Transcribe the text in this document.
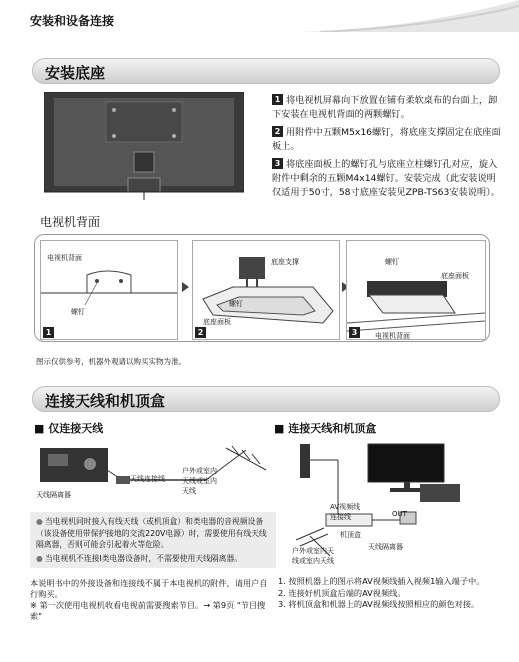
安装和设备连接
安装底座
电视机背面
1 将电视机屏幕向下放置在铺有柔软桌布的台面上，卸下安装在电视机背面的两颗螺钉。
2 用附件中五颗M5x16螺钉，将底座支撑固定在底座面板上。
3 将底座面板上的螺钉孔与底座立柱螺钉孔对应，旋入附件中剩余的五颗M4x14螺钉。安装完成（此安装说明仅适用于50寸，58寸底座安装见ZPB-TS63安装说明）。
电视机背面
螺钉
1
底座支撑
螺钉
底座面板
2
螺钉
底座面板
电视机背面
3
图示仅供参考，机器外观请以购买实物为准。
连接天线和机顶盒
■ 仅连接天线	■ 连接天线和机顶盒
天线隔离器
天线连接线
户外或室内天线或室内天线
AV视频线
连接线	OUT
机顶盒
天线隔离器
户外或室内天线或室内天线

● 当电视机同时接入有线天线（或机顶盒）和类电器的音视频设备（该设备使用带保护接地的交流220V电源）时，需要使用有线天线隔离器，否则可能会引起着火等危险。

● 当电视机不连接I类电器设备时，不需要使用天线隔离器。

本说明书中的外接设备和连接线不属于本电视机的附件，请用户自行购买。

※ 第一次使用电视机收看电视前需要搜索节目。→ 第9页 "节目搜索"

1. 按照机器上的图示将AV视频线插入视频1输入端子中。

2. 连接好机顶盒后端的AV视频线。

3. 将机顶盒和机器上的AV视频线按照相应的颜色对接。
